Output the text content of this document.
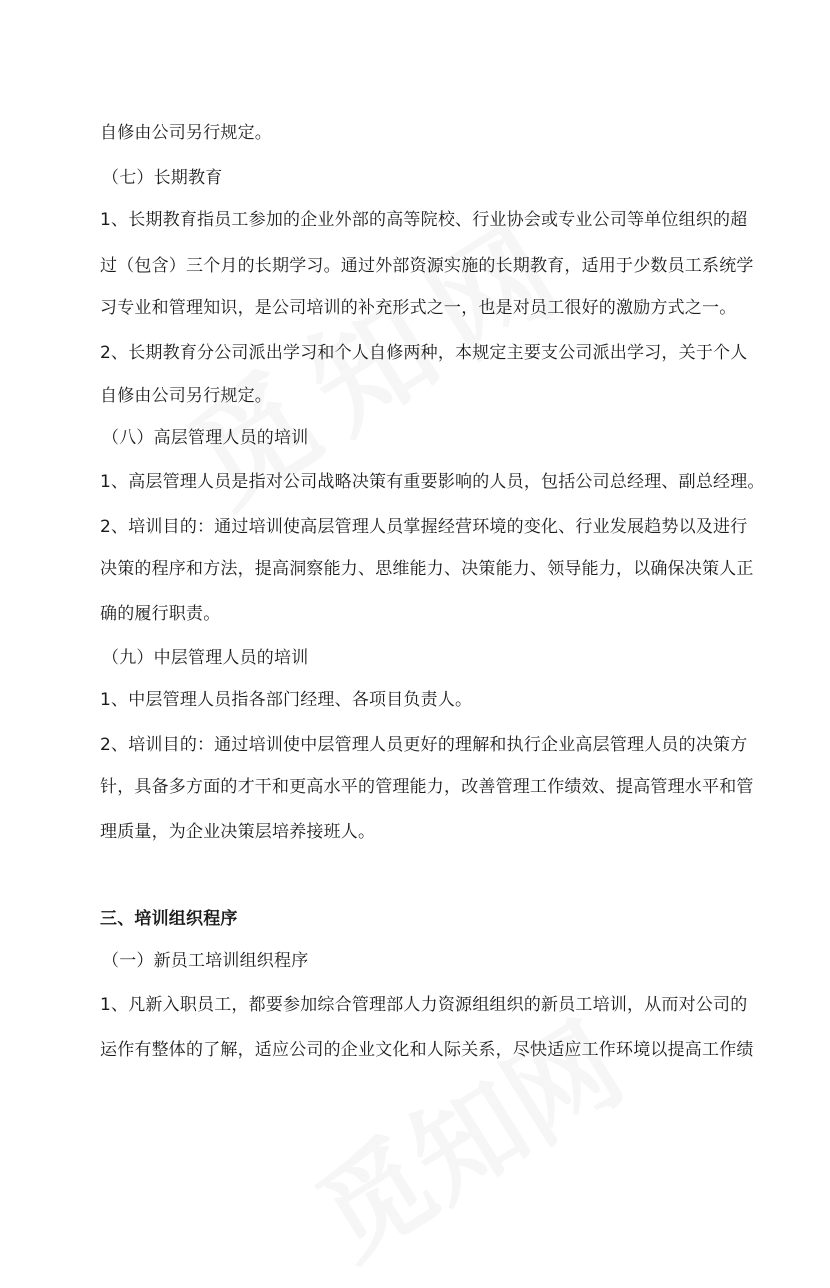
自修由公司另行规定。
（七）长期教育
1、长期教育指员工参加的企业外部的高等院校、行业协会或专业公司等单位组织的超
过（包含）三个月的长期学习。通过外部资源实施的长期教育，适用于少数员工系统学
习专业和管理知识，是公司培训的补充形式之一，也是对员工很好的激励方式之一。
2、长期教育分公司派出学习和个人自修两种，本规定主要支公司派出学习，关于个人
自修由公司另行规定。
（八）高层管理人员的培训
1、高层管理人员是指对公司战略决策有重要影响的人员，包括公司总经理、副总经理。
2、培训目的：通过培训使高层管理人员掌握经营环境的变化、行业发展趋势以及进行
决策的程序和方法，提高洞察能力、思维能力、决策能力、领导能力，以确保决策人正
确的履行职责。
（九）中层管理人员的培训
1、中层管理人员指各部门经理、各项目负责人。
2、培训目的：通过培训使中层管理人员更好的理解和执行企业高层管理人员的决策方
针，具备多方面的才干和更高水平的管理能力，改善管理工作绩效、提高管理水平和管
理质量，为企业决策层培养接班人。
三、培训组织程序
（一）新员工培训组织程序
1、凡新入职员工，都要参加综合管理部人力资源组组织的新员工培训，从而对公司的
运作有整体的了解，适应公司的企业文化和人际关系，尽快适应工作环境以提高工作绩
